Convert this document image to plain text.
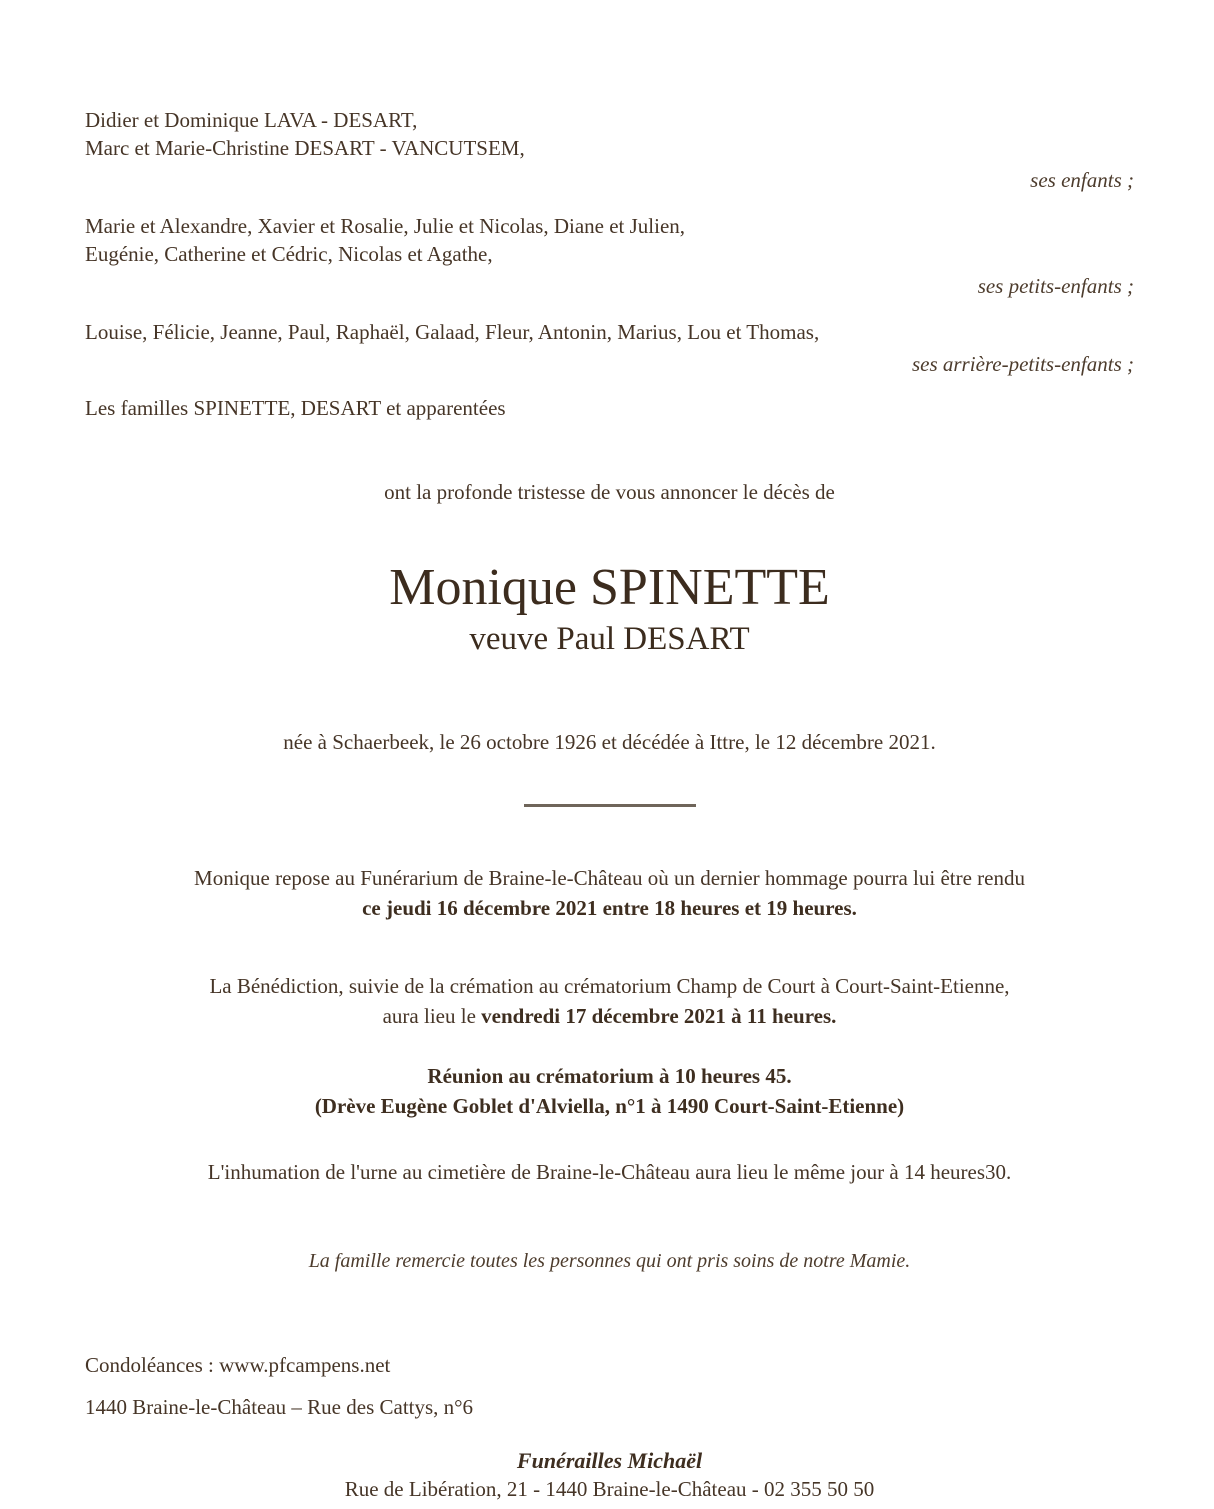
Didier et Dominique LAVA - DESART,

Marc et Marie-Christine DESART - VANCUTSEM,

ses enfants ;

Marie et Alexandre, Xavier et Rosalie, Julie et Nicolas, Diane et Julien,

Eugénie, Catherine et Cédric, Nicolas et Agathe,

ses petits-enfants ;

Louise, Félicie, Jeanne, Paul, Raphaël, Galaad, Fleur, Antonin, Marius, Lou et Thomas,

ses arrière-petits-enfants ;

Les familles SPINETTE, DESART et apparentées

ont la profonde tristesse de vous annoncer le décès de

Monique SPINETTE

veuve Paul DESART

née à Schaerbeek, le 26 octobre 1926 et décédée à Ittre, le 12 décembre 2021.

Monique repose au Funérarium de Braine-le-Château où un dernier hommage pourra lui être rendu

ce jeudi 16 décembre 2021 entre 18 heures et 19 heures.

La Bénédiction, suivie de la crémation au crématorium Champ de Court à Court-Saint-Etienne,

aura lieu le vendredi 17 décembre 2021 à 11 heures.

Réunion au crématorium à 10 heures 45.

(Drève Eugène Goblet d'Alviella, n°1 à 1490 Court-Saint-Etienne)

L'inhumation de l'urne au cimetière de Braine-le-Château aura lieu le même jour à 14 heures30.

La famille remercie toutes les personnes qui ont pris soins de notre Mamie.

Condoléances : www.pfcampens.net

1440 Braine-le-Château – Rue des Cattys, n°6

Funérailles Michaël

Rue de Libération, 21 - 1440 Braine-le-Château - 02 355 50 50
